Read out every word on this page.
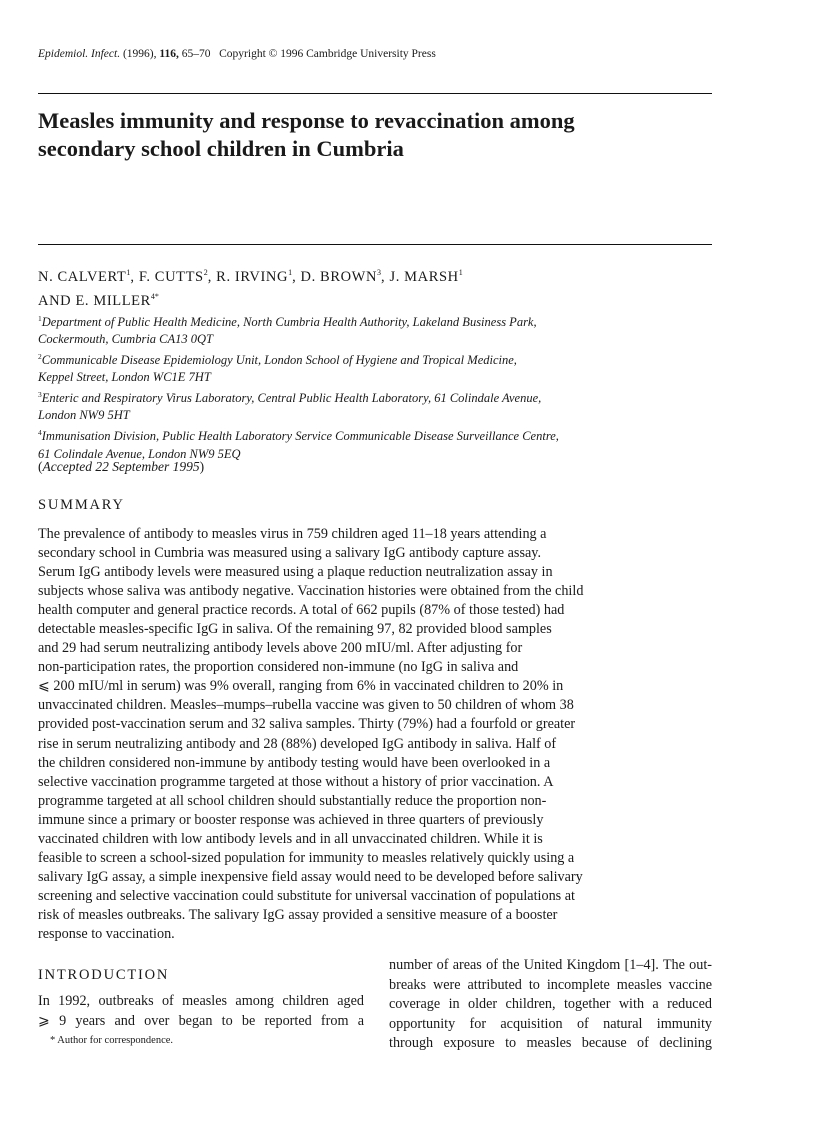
Epidemiol. Infect. (1996), 116, 65–70 Copyright © 1996 Cambridge University Press
Measles immunity and response to revaccination among
secondary school children in Cumbria
N. CALVERT$^1$, F. CUTTS$^2$, R. IRVING$^1$, D. BROWN$^3$, J. MARSH$^1$
AND E. $MILLER^{4*}$
$^1$Department of Public Health Medicine, North Cumbria Health Authority, Lakeland Business Park,
Cockermouth, Cumbria CA13 0QT
$^2$Communicable Disease Epidemiology Unit, London School of Hygiene and Tropical Medicine,
Keppel Street, London WC1E 7HT
$^3$Enteric and Respiratory Virus Laboratory, Central Public Health Laboratory, 61 Colindale Avenue,
London NW9 5HT
$^4$Immunisation Division, Public Health Laboratory Service Communicable Disease Surveillance Centre,
61 Colindale Avenue, London NW9 5EQ
(Accepted 22 September 1995)
SUMMARY
The prevalence of antibody to measles virus in 759 children aged 11–18 years attending a
secondary school in Cumbria was measured using a salivary IgG antibody capture assay.
Serum IgG antibody levels were measured using a plaque reduction neutralization assay in
subjects whose saliva was antibody negative. Vaccination histories were obtained from the child
health computer and general practice records. A total of 662 pupils (87% of those tested) had
detectable measles-specific IgG in saliva. Of the remaining 97, 82 provided blood samples
and 29 had serum neutralizing antibody levels above 200 mIU/ml. After adjusting for
non-participation rates, the proportion considered non-immune (no IgG in saliva and
⩽ 200 mIU/ml in serum) was 9% overall, ranging from 6% in vaccinated children to 20% in
unvaccinated children. Measles–mumps–rubella vaccine was given to 50 children of whom 38
provided post-vaccination serum and 32 saliva samples. Thirty (79%) had a fourfold or greater
rise in serum neutralizing antibody and 28 (88%) developed IgG antibody in saliva. Half of
the children considered non-immune by antibody testing would have been overlooked in a
selective vaccination programme targeted at those without a history of prior vaccination. A
programme targeted at all school children should substantially reduce the proportion non-
immune since a primary or booster response was achieved in three quarters of previously
vaccinated children with low antibody levels and in all unvaccinated children. While it is
feasible to screen a school-sized population for immunity to measles relatively quickly using a
salivary IgG assay, a simple inexpensive field assay would need to be developed before salivary
screening and selective vaccination could substitute for universal vaccination of populations at
risk of measles outbreaks. The salivary IgG assay provided a sensitive measure of a booster
response to vaccination.
INTRODUCTION
In 1992, outbreaks of measles among children aged
⩾ 9 years and over began to be reported from a
* Author for correspondence.
number of areas of the United Kingdom [1–4]. The out-
breaks were attributed to incomplete measles vaccine
coverage in older children, together with a reduced
opportunity for acquisition of natural immunity
through exposure to measles because of declining
